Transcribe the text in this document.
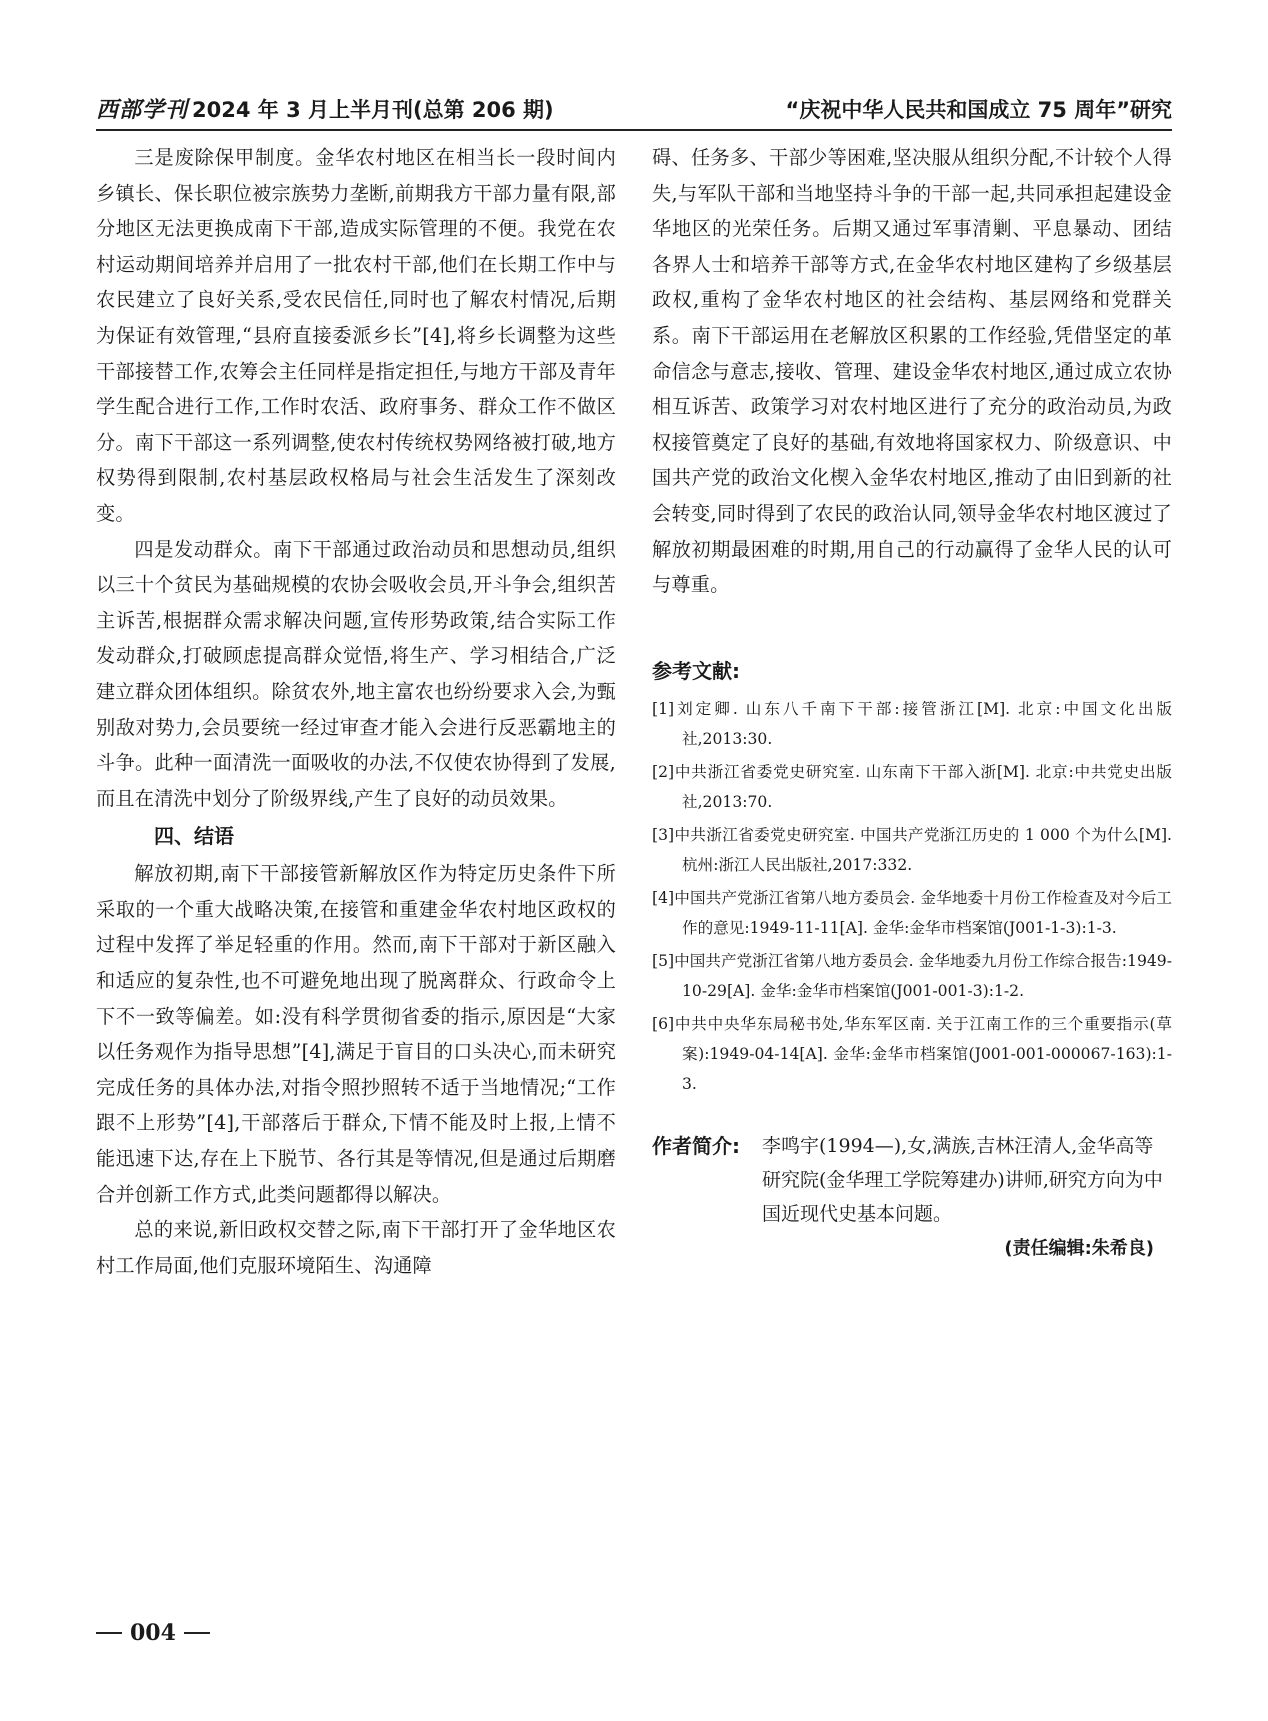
西部学刊 2024 年 3 月上半月刊(总第 206 期)	“庆祝中华人民共和国成立 75 周年”研究

三是废除保甲制度。金华农村地区在相当长一段时间内乡镇长、保长职位被宗族势力垄断,前期我方干部力量有限,部分地区无法更换成南下干部,造成实际管理的不便。我党在农村运动期间培养并启用了一批农村干部,他们在长期工作中与农民建立了良好关系,受农民信任,同时也了解农村情况,后期为保证有效管理,“县府直接委派乡长”[4],将乡长调整为这些干部接替工作,农筹会主任同样是指定担任,与地方干部及青年学生配合进行工作,工作时农活、政府事务、群众工作不做区分。南下干部这一系列调整,使农村传统权势网络被打破,地方权势得到限制,农村基层政权格局与社会生活发生了深刻改变。

四是发动群众。南下干部通过政治动员和思想动员,组织以三十个贫民为基础规模的农协会吸收会员,开斗争会,组织苦主诉苦,根据群众需求解决问题,宣传形势政策,结合实际工作发动群众,打破顾虑提高群众觉悟,将生产、学习相结合,广泛建立群众团体组织。除贫农外,地主富农也纷纷要求入会,为甄别敌对势力,会员要统一经过审查才能入会进行反恶霸地主的斗争。此种一面清洗一面吸收的办法,不仅使农协得到了发展,而且在清洗中划分了阶级界线,产生了良好的动员效果。

四、结语

解放初期,南下干部接管新解放区作为特定历史条件下所采取的一个重大战略决策,在接管和重建金华农村地区政权的过程中发挥了举足轻重的作用。然而,南下干部对于新区融入和适应的复杂性,也不可避免地出现了脱离群众、行政命令上下不一致等偏差。如:没有科学贯彻省委的指示,原因是“大家以任务观作为指导思想”[4],满足于盲目的口头决心,而未研究完成任务的具体办法,对指令照抄照转不适于当地情况;“工作跟不上形势”[4],干部落后于群众,下情不能及时上报,上情不能迅速下达,存在上下脱节、各行其是等情况,但是通过后期磨合并创新工作方式,此类问题都得以解决。

总的来说,新旧政权交替之际,南下干部打开了金华地区农村工作局面,他们克服环境陌生、沟通障

碍、任务多、干部少等困难,坚决服从组织分配,不计较个人得失,与军队干部和当地坚持斗争的干部一起,共同承担起建设金华地区的光荣任务。后期又通过军事清剿、平息暴动、团结各界人士和培养干部等方式,在金华农村地区建构了乡级基层政权,重构了金华农村地区的社会结构、基层网络和党群关系。南下干部运用在老解放区积累的工作经验,凭借坚定的革命信念与意志,接收、管理、建设金华农村地区,通过成立农协相互诉苦、政策学习对农村地区进行了充分的政治动员,为政权接管奠定了良好的基础,有效地将国家权力、阶级意识、中国共产党的政治文化楔入金华农村地区,推动了由旧到新的社会转变,同时得到了农民的政治认同,领导金华农村地区渡过了解放初期最困难的时期,用自己的行动赢得了金华人民的认可与尊重。

参考文献:
[1]刘定卿. 山东八千南下干部:接管浙江[M]. 北京:中国文化出版社,2013:30.
[2]中共浙江省委党史研究室. 山东南下干部入浙[M]. 北京:中共党史出版社,2013:70.
[3]中共浙江省委党史研究室. 中国共产党浙江历史的 1 000 个为什么[M]. 杭州:浙江人民出版社,2017:332.
[4]中国共产党浙江省第八地方委员会. 金华地委十月份工作检查及对今后工作的意见:1949-11-11[A]. 金华:金华市档案馆(J001-1-3):1-3.
[5]中国共产党浙江省第八地方委员会. 金华地委九月份工作综合报告:1949-10-29[A]. 金华:金华市档案馆(J001-001-3):1-2.
[6]中共中央华东局秘书处,华东军区南. 关于江南工作的三个重要指示(草案):1949-04-14[A]. 金华:金华市档案馆(J001-001-000067-163):1-3.
作者简介:	李鸣宇(1994—),女,满族,吉林汪清人,金华高等研究院(金华理工学院筹建办)讲师,研究方向为中国近现代史基本问题。
(责任编辑:朱希良)
004
